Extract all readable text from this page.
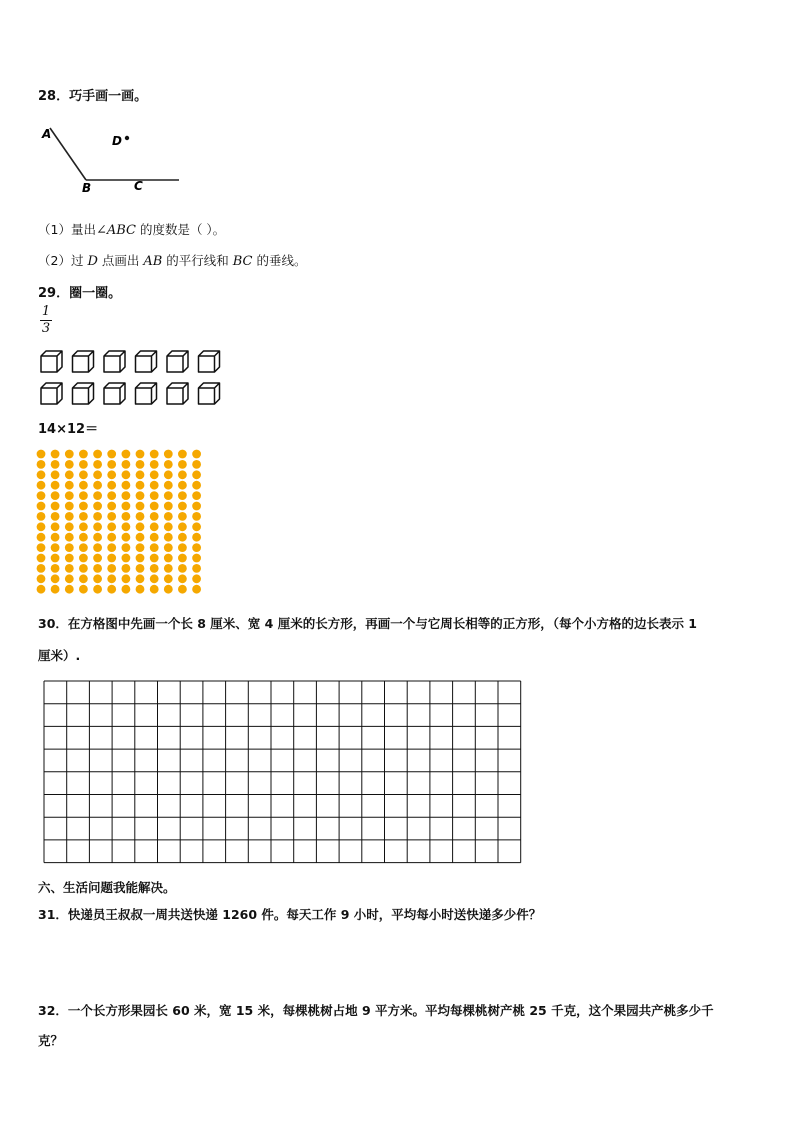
28．巧手画一画。
A
B	C
D
（1）量出∠ABC 的度数是（ ）。
（2）过 D 点画出 AB 的平行线和 BC 的垂线。
29．圈一圈。
1
3
14×12＝
30．在方格图中先画一个长 8 厘米、宽 4 厘米的长方形，再画一个与它周长相等的正方形，（每个小方格的边长表示 1
厘米）.
六、生活问题我能解决。
31．快递员王叔叔一周共送快递 1260 件。每天工作 9 小时，平均每小时送快递多少件？
32．一个长方形果园长 60 米，宽 15 米，每棵桃树占地 9 平方米。平均每棵桃树产桃 25 千克，这个果园共产桃多少千
克？
